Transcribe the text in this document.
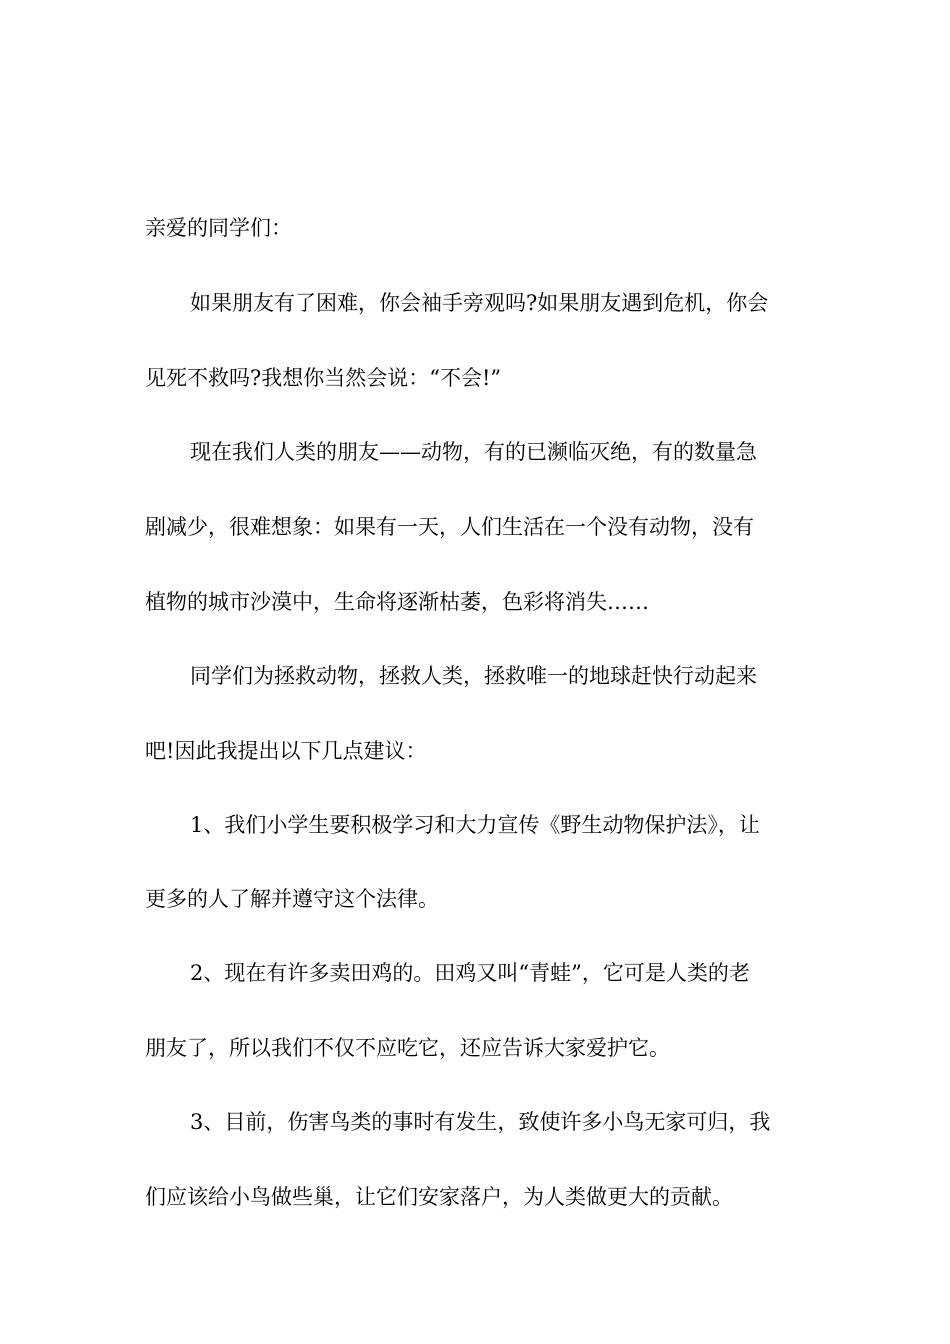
亲爱的同学们：
如果朋友有了困难，你会袖手旁观吗?如果朋友遇到危机，你会
见死不救吗?我想你当然会说：“不会!”
现在我们人类的朋友——动物，有的已濒临灭绝，有的数量急
剧减少，很难想象：如果有一天，人们生活在一个没有动物，没有
植物的城市沙漠中，生命将逐渐枯萎，色彩将消失……
同学们为拯救动物，拯救人类，拯救唯一的地球赶快行动起来
吧!因此我提出以下几点建议：
1、我们小学生要积极学习和大力宣传《野生动物保护法》，让
更多的人了解并遵守这个法律。
2、现在有许多卖田鸡的。田鸡又叫“青蛙”，它可是人类的老
朋友了，所以我们不仅不应吃它，还应告诉大家爱护它。
3、目前，伤害鸟类的事时有发生，致使许多小鸟无家可归，我
们应该给小鸟做些巢，让它们安家落户，为人类做更大的贡献。
